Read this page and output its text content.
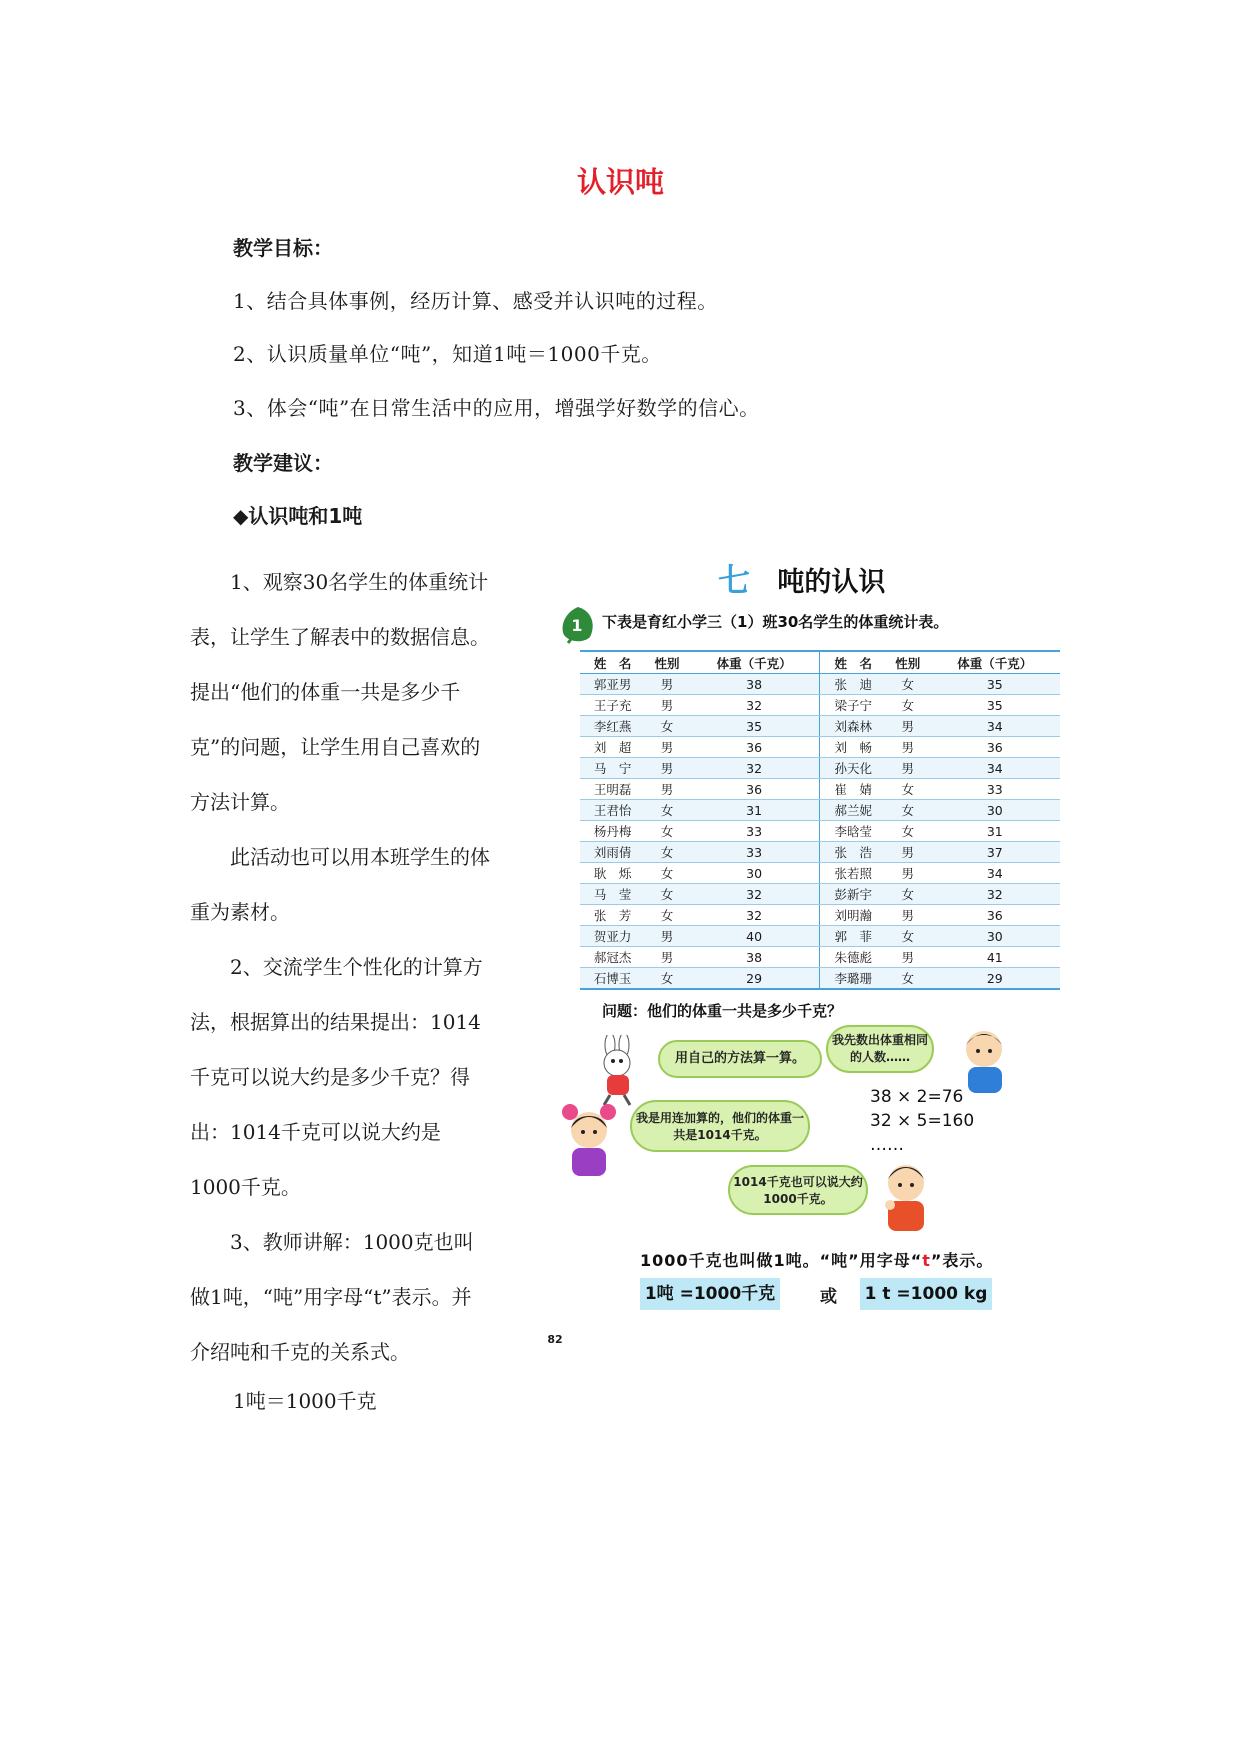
认识吨
教学目标：
1、结合具体事例，经历计算、感受并认识吨的过程。
2、认识质量单位“吨”，知道1吨＝1000千克。
3、体会“吨”在日常生活中的应用，增强学好数学的信心。
教学建议：
◆认识吨和1吨

1、观察30名学生的体重统计表，让学生了解表中的数据信息。提出“他们的体重一共是多少千克”的问题，让学生用自己喜欢的方法计算。

此活动也可以用本班学生的体重为素材。

2、交流学生个性化的计算方法，根据算出的结果提出：1014千克可以说大约是多少千克？得出：1014千克可以说大约是1000千克。

3、教师讲解：1000克也叫做1吨，“吨”用字母“t”表示。并介绍吨和千克的关系式。

1吨＝1000千克
七 吨的认识
1 下表是育红小学三（1）班30名学生的体重统计表。
姓　名	性别	体重（千克）	姓　名	性别	体重（千克）
郭亚男	男	38	张　迪	女	35
王子充	男	32	梁子宁	女	35
李红燕	女	35	刘森林	男	34
刘　超	男	36	刘　畅	男	36
马　宁	男	32	孙天化	男	34
王明磊	男	36	崔　婧	女	33
王君怡	女	31	郝兰妮	女	30
杨丹梅	女	33	李晗莹	女	31
刘雨倩	女	33	张　浩	男	37
耿　烁	女	30	张若照	男	34
马　莹	女	32	彭新宇	女	32
张　芳	女	32	刘明瀚	男	36
贺亚力	男	40	郭　菲	女	30
郝冠杰	男	38	朱德彪	男	41
石博玉	女	29	李璐珊	女	29
问题：他们的体重一共是多少千克？
用自己的方法算一算。
我先数出体重相同的人数……
我是用连加算的，他们的体重一共是1014千克。
38 × 2=76
32 × 5=160
……
1014千克也可以说大约1000千克。
1000千克也叫做1吨。“吨”用字母“t”表示。
1吨 =1000千克	或 1 t =1000 kg
82
